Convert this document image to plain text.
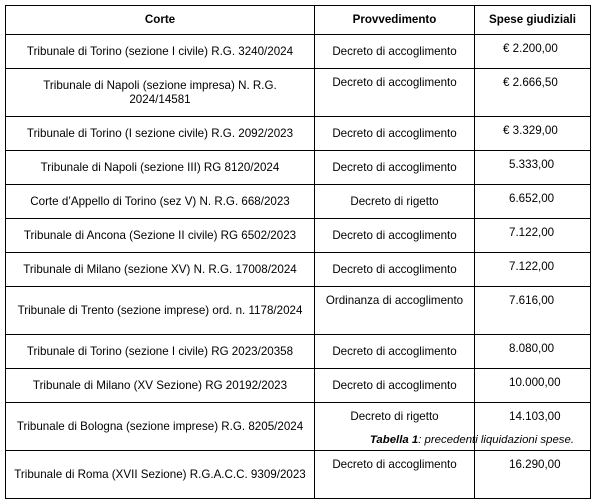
Corte	Provvedimento	Spese giudiziali
Tribunale di Torino (sezione I civile) R.G. 3240/2024	Decreto di accoglimento	€ 2.200,00
Tribunale di Napoli (sezione impresa) N. R.G. 2024/14581	Decreto di accoglimento	€ 2.666,50
Tribunale di Torino (I sezione civile) R.G. 2092/2023	Decreto di accoglimento	€ 3.329,00
Tribunale di Napoli (sezione III) RG 8120/2024	Decreto di accoglimento	5.333,00
Corte d’Appello di Torino (sez V) N. R.G. 668/2023	Decreto di rigetto	6.652,00
Tribunale di Ancona (Sezione II civile) RG 6502/2023	Decreto di accoglimento	7.122,00
Tribunale di Milano (sezione XV) N. R.G. 17008/2024	Decreto di accoglimento	7.122,00
Tribunale di Trento (sezione imprese) ord. n. 1178/2024	Ordinanza di accoglimento	7.616,00
Tribunale di Torino (sezione I civile) RG 2023/20358	Decreto di accoglimento	8.080,00
Tribunale di Milano (XV Sezione) RG 20192/2023	Decreto di accoglimento	10.000,00
Tribunale di Bologna (sezione imprese) R.G. 8205/2024	Decreto di rigetto	14.103,00
Tribunale di Roma (XVII Sezione) R.G.A.C.C. 9309/2023	Decreto di accoglimento	16.290,00
Tabella 1: precedenti liquidazioni spese.
